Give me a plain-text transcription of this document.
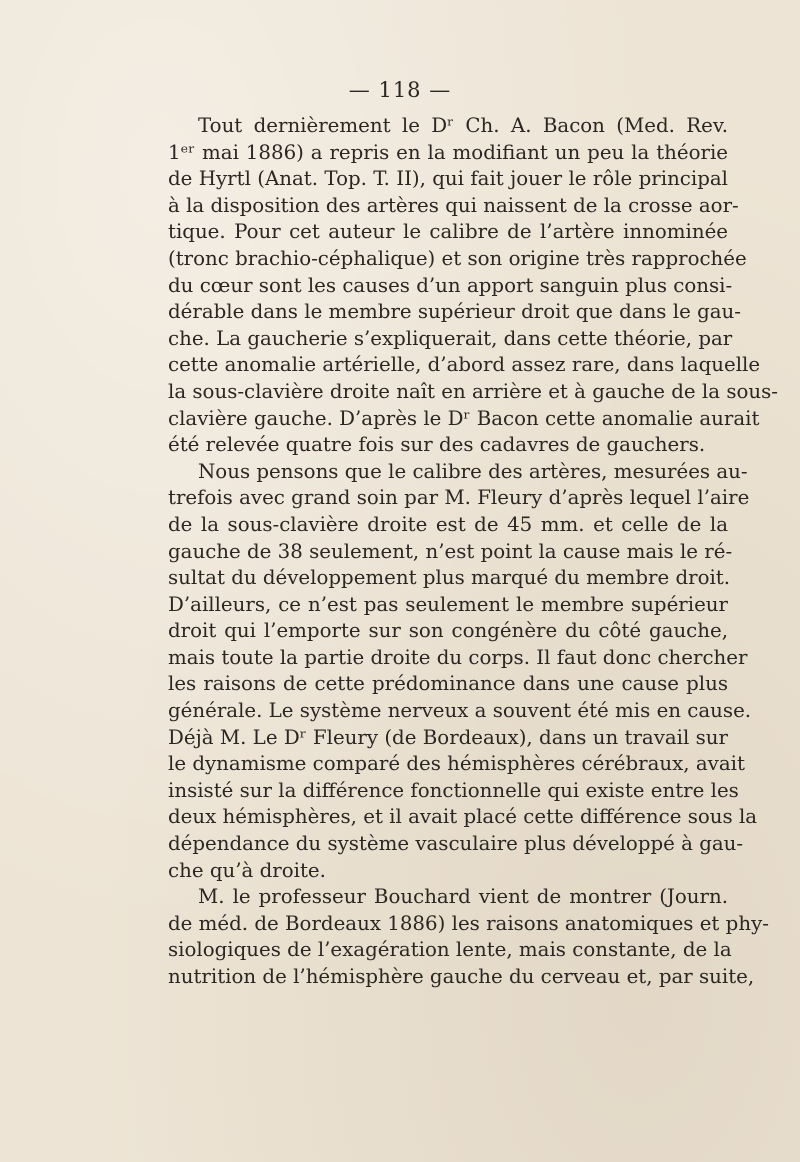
— 118 —
Tout dernièrement le Dʳ Ch. A. Bacon (Med. Rev.
1ᵉʳ mai 1886) a repris en la modifiant un peu la théorie
de Hyrtl (Anat. Top. T. II), qui fait jouer le rôle principal
à la disposition des artères qui naissent de la crosse aor-
tique. Pour cet auteur le calibre de l’artère innominée
(tronc brachio-céphalique) et son origine très rapprochée
du cœur sont les causes d’un apport sanguin plus consi-
dérable dans le membre supérieur droit que dans le gau-
che. La gaucherie s’expliquerait, dans cette théorie, par
cette anomalie artérielle, d’abord assez rare, dans laquelle
la sous-clavière droite naît en arrière et à gauche de la sous-
clavière gauche. D’après le Dʳ Bacon cette anomalie aurait
été relevée quatre fois sur des cadavres de gauchers.
Nous pensons que le calibre des artères, mesurées au-
trefois avec grand soin par M. Fleury d’après lequel l’aire
de la sous-clavière droite est de 45 mm. et celle de la
gauche de 38 seulement, n’est point la cause mais le ré-
sultat du développement plus marqué du membre droit.
D’ailleurs, ce n’est pas seulement le membre supérieur
droit qui l’emporte sur son congénère du côté gauche,
mais toute la partie droite du corps. Il faut donc chercher
les raisons de cette prédominance dans une cause plus
générale. Le système nerveux a souvent été mis en cause.
Déjà M. Le Dʳ Fleury (de Bordeaux), dans un travail sur
le dynamisme comparé des hémisphères cérébraux, avait
insisté sur la différence fonctionnelle qui existe entre les
deux hémisphères, et il avait placé cette différence sous la
dépendance du système vasculaire plus développé à gau-
che qu’à droite.
M. le professeur Bouchard vient de montrer (Journ.
de méd. de Bordeaux 1886) les raisons anatomiques et phy-
siologiques de l’exagération lente, mais constante, de la
nutrition de l’hémisphère gauche du cerveau et, par suite,
